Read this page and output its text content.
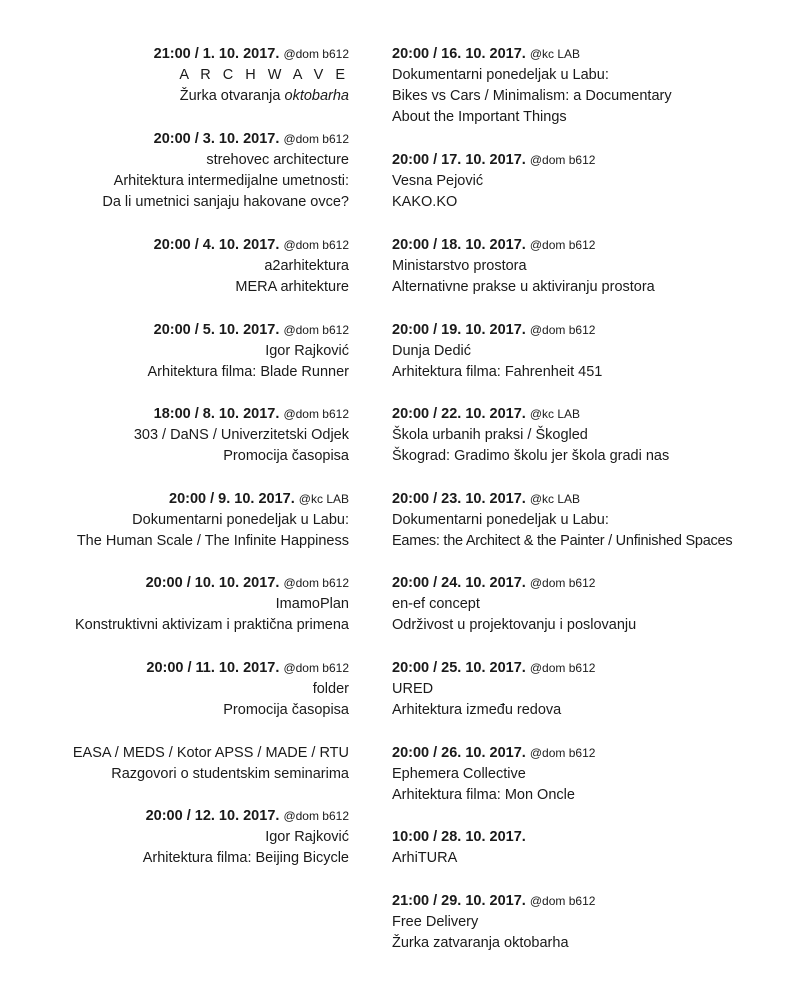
21:00 / 1. 10. 2017. @dom b612
A R C H W A V E
Žurka otvaranja oktobarha
20:00 / 3. 10. 2017. @dom b612
strehovec architecture
Arhitektura intermedijalne umetnosti:
Da li umetnici sanjaju hakovane ovce?
20:00 / 4. 10. 2017. @dom b612
a2arhitektura
MERA arhitekture
20:00 / 5. 10. 2017. @dom b612
Igor Rajković
Arhitektura filma: Blade Runner
18:00 / 8. 10. 2017. @dom b612
303 / DaNS / Univerzitetski Odjek
Promocija časopisa
20:00 / 9. 10. 2017. @kc LAB
Dokumentarni ponedeljak u Labu:
The Human Scale / The Infinite Happiness
20:00 / 10. 10. 2017. @dom b612
ImamoPlan
Konstruktivni aktivizam i praktična primena
20:00 / 11. 10. 2017. @dom b612
folder
Promocija časopisa
EASA / MEDS / Kotor APSS / MADE / RTU
Razgovori o studentskim seminarima
20:00 / 12. 10. 2017. @dom b612
Igor Rajković
Arhitektura filma: Beijing Bicycle
20:00 / 16. 10. 2017. @kc LAB
Dokumentarni ponedeljak u Labu:
Bikes vs Cars / Minimalism: a Documentary
About the Important Things
20:00 / 17. 10. 2017. @dom b612
Vesna Pejović
KAKO.KO
20:00 / 18. 10. 2017. @dom b612
Ministarstvo prostora
Alternativne prakse u aktiviranju prostora
20:00 / 19. 10. 2017. @dom b612
Dunja Dedić
Arhitektura filma: Fahrenheit 451
20:00 / 22. 10. 2017. @kc LAB
Škola urbanih praksi / Škogled
Škograd: Gradimo školu jer škola gradi nas
20:00 / 23. 10. 2017. @kc LAB
Dokumentarni ponedeljak u Labu:
Eames: the Architect & the Painter / Unfinished Spaces
20:00 / 24. 10. 2017. @dom b612
en-ef concept
Održivost u projektovanju i poslovanju
20:00 / 25. 10. 2017. @dom b612
URED
Arhitektura između redova
20:00 / 26. 10. 2017. @dom b612
Ephemera Collective
Arhitektura filma: Mon Oncle
10:00 / 28. 10. 2017.
ArhiTURA
21:00 / 29. 10. 2017. @dom b612
Free Delivery
Žurka zatvaranja oktobarha
